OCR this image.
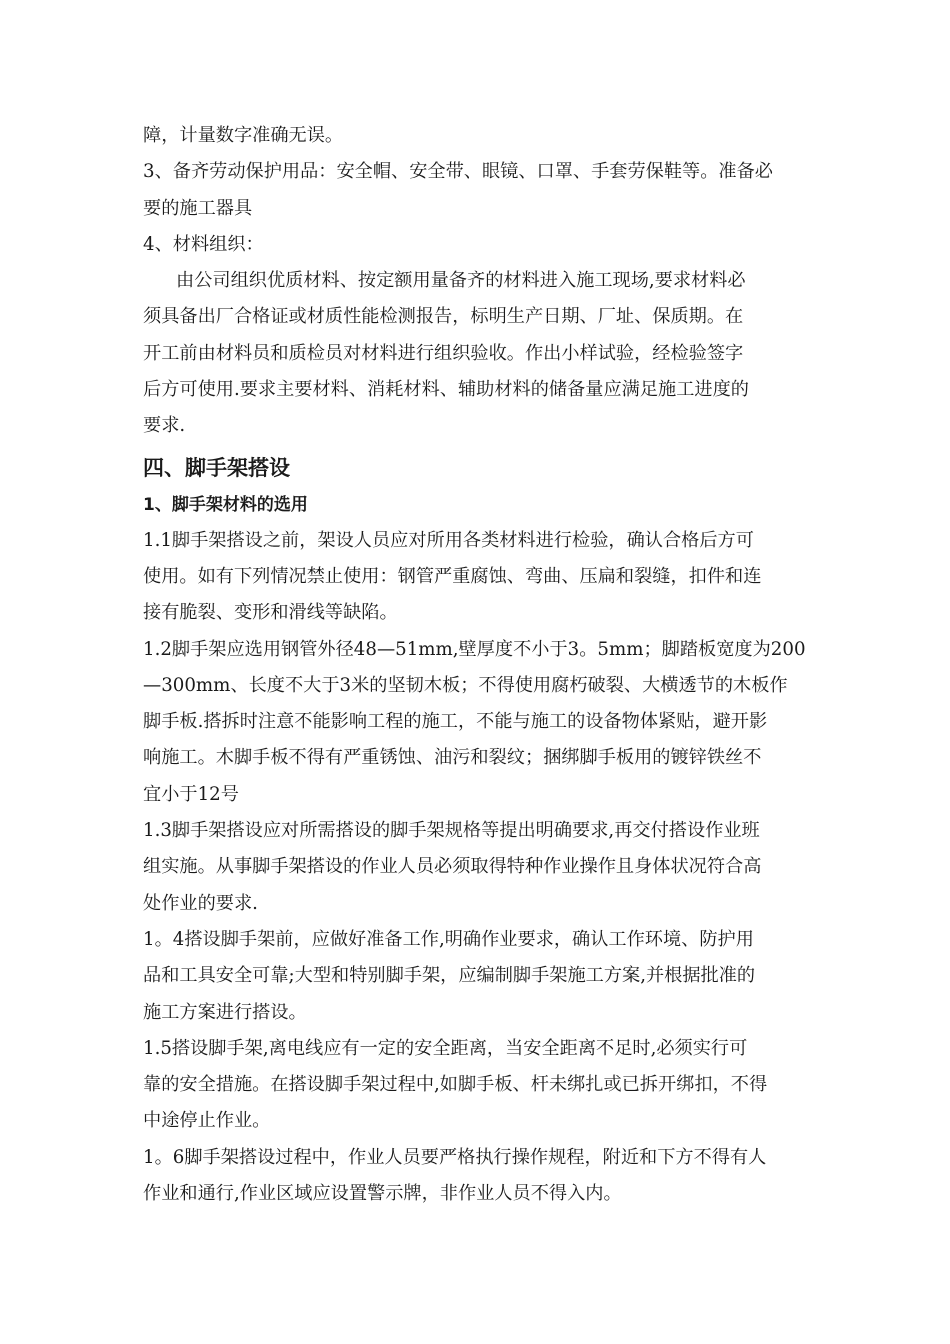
障，计量数字准确无误。
3、备齐劳动保护用品：安全帽、安全带、眼镜、口罩、手套劳保鞋等。准备必
要的施工器具
4、材料组织：
由公司组织优质材料、按定额用量备齐的材料进入施工现场,要求材料必
须具备出厂合格证或材质性能检测报告，标明生产日期、厂址、保质期。在
开工前由材料员和质检员对材料进行组织验收。作出小样试验，经检验签字
后方可使用.要求主要材料、消耗材料、辅助材料的储备量应满足施工进度的
要求.
四、脚手架搭设
1、脚手架材料的选用
1.1脚手架搭设之前，架设人员应对所用各类材料进行检验，确认合格后方可
使用。如有下列情况禁止使用：钢管严重腐蚀、弯曲、压扁和裂缝，扣件和连
接有脆裂、变形和滑线等缺陷。
1.2脚手架应选用钢管外径48—51mm,壁厚度不小于3。5mm；脚踏板宽度为200
—300mm、长度不大于3米的坚韧木板；不得使用腐朽破裂、大横透节的木板作
脚手板.搭拆时注意不能影响工程的施工，不能与施工的设备物体紧贴，避开影
响施工。木脚手板不得有严重锈蚀、油污和裂纹；捆绑脚手板用的镀锌铁丝不
宜小于12号
1.3脚手架搭设应对所需搭设的脚手架规格等提出明确要求,再交付搭设作业班
组实施。从事脚手架搭设的作业人员必须取得特种作业操作且身体状况符合高
处作业的要求.
1。4搭设脚手架前，应做好准备工作,明确作业要求，确认工作环境、防护用
品和工具安全可靠;大型和特别脚手架，应编制脚手架施工方案,并根据批准的
施工方案进行搭设。
1.5搭设脚手架,离电线应有一定的安全距离，当安全距离不足时,必须实行可
靠的安全措施。在搭设脚手架过程中,如脚手板、杆未绑扎或已拆开绑扣，不得
中途停止作业。
1。6脚手架搭设过程中，作业人员要严格执行操作规程，附近和下方不得有人
作业和通行,作业区域应设置警示牌，非作业人员不得入内。
